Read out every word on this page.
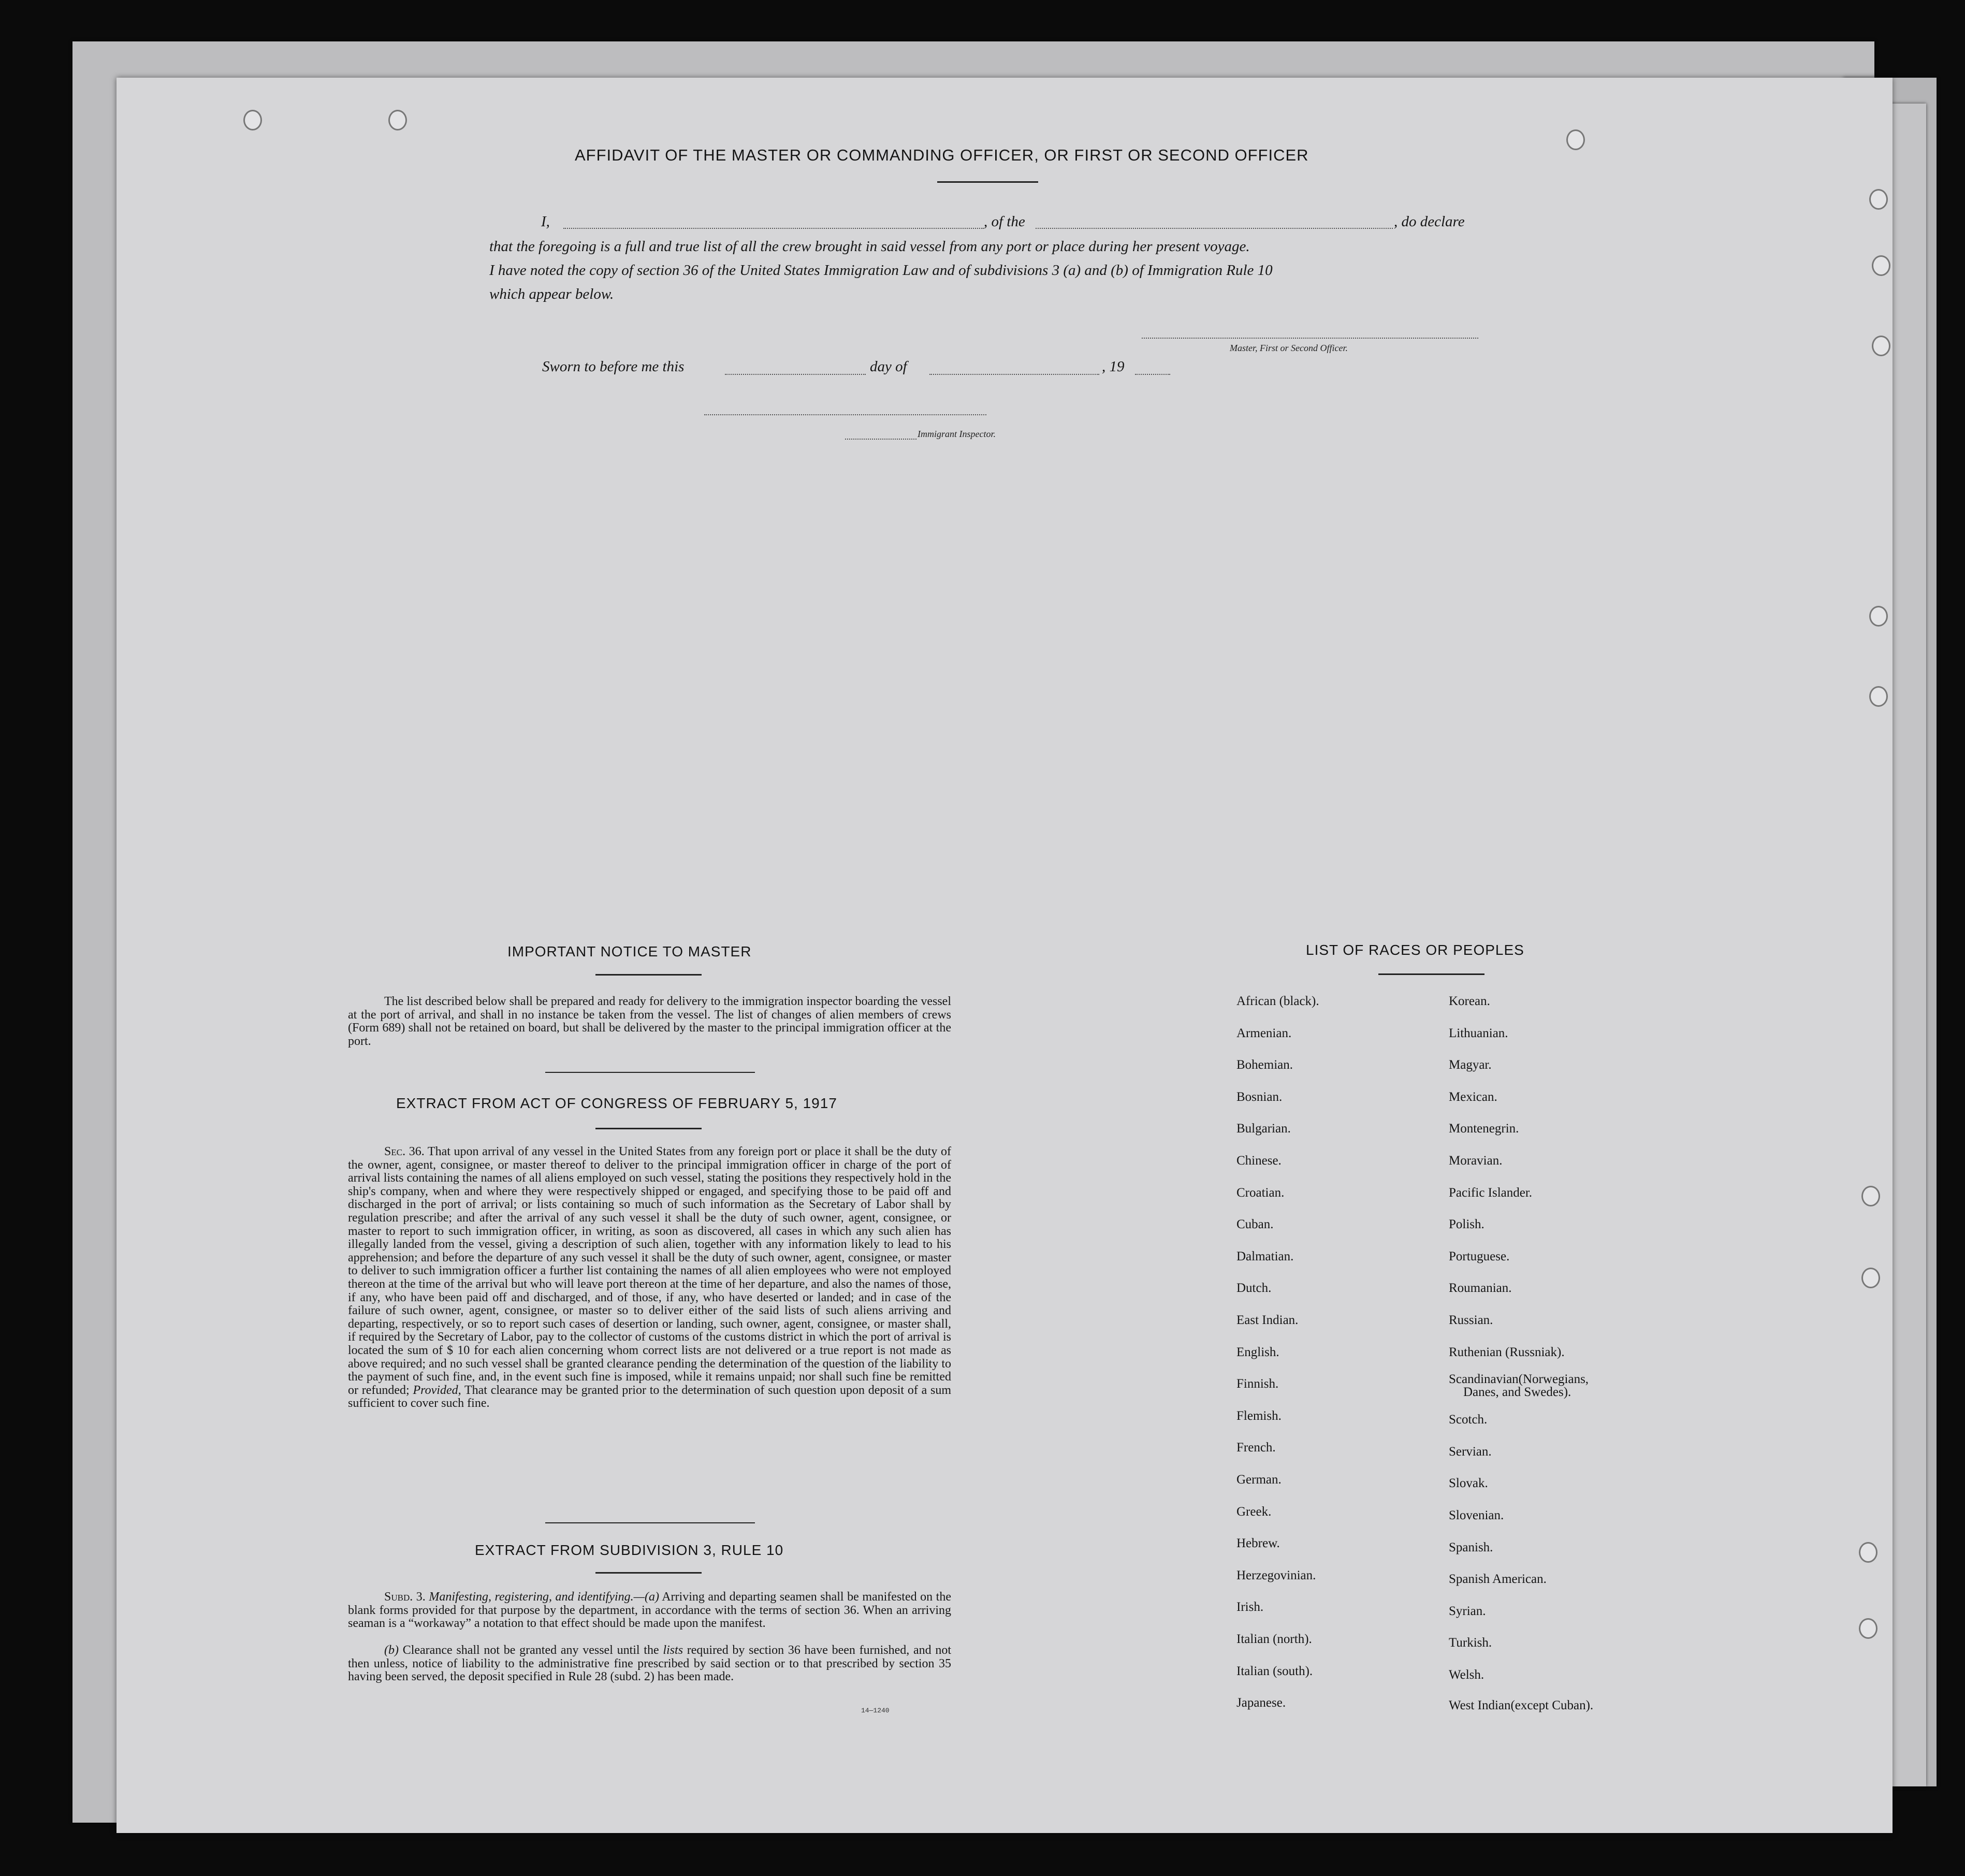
AFFIDAVIT OF THE MASTER OR COMMANDING OFFICER, OR FIRST OR SECOND OFFICER
I,	, of the	, do declare
that the foregoing is a full and true list of all the crew brought in said vessel from any port or place during her present voyage.
I have noted the copy of section 36 of the United States Immigration Law and of subdivisions 3 (a) and (b) of Immigration Rule 10
which appear below.
Master, First or Second Officer.
Sworn to before me this	day of	, 19
Immigrant Inspector.
IMPORTANT NOTICE TO MASTER
The list described below shall be prepared and ready for delivery to the immigration inspector boarding the vessel at the port of arrival, and shall in no instance be taken from the vessel. The list of changes of alien members of crews (Form 689) shall not be retained on board, but shall be delivered by the master to the principal immigration officer at the port.
EXTRACT FROM ACT OF CONGRESS OF FEBRUARY 5, 1917
Sec. 36. That upon arrival of any vessel in the United States from any foreign port or place it shall be the duty of the owner, agent, consignee, or master thereof to deliver to the principal immigration officer in charge of the port of arrival lists containing the names of all aliens employed on such vessel, stating the positions they respectively hold in the ship's company, when and where they were respectively shipped or engaged, and specifying those to be paid off and discharged in the port of arrival; or lists containing so much of such information as the Secretary of Labor shall by regulation prescribe; and after the arrival of any such vessel it shall be the duty of such owner, agent, consignee, or master to report to such immigration officer, in writing, as soon as discovered, all cases in which any such alien has illegally landed from the vessel, giving a description of such alien, together with any information likely to lead to his apprehension; and before the departure of any such vessel it shall be the duty of such owner, agent, consignee, or master to deliver to such immigration officer a further list containing the names of all alien employees who were not employed thereon at the time of the arrival but who will leave port thereon at the time of her departure, and also the names of those, if any, who have been paid off and discharged, and of those, if any, who have deserted or landed; and in case of the failure of such owner, agent, consignee, or master so to deliver either of the said lists of such aliens arriving and departing, respectively, or so to report such cases of desertion or landing, such owner, agent, consignee, or master shall, if required by the Secretary of Labor, pay to the collector of customs of the customs district in which the port of arrival is located the sum of $ 10 for each alien concerning whom correct lists are not delivered or a true report is not made as above required; and no such vessel shall be granted clearance pending the determination of the question of the liability to the payment of such fine, and, in the event such fine is imposed, while it remains unpaid; nor shall such fine be remitted or refunded; Provided, That clearance may be granted prior to the determination of such question upon deposit of a sum sufficient to cover such fine.
EXTRACT FROM SUBDIVISION 3, RULE 10
Subd. 3. Manifesting, registering, and identifying.—(a) Arriving and departing seamen shall be manifested on the blank forms provided for that purpose by the department, in accordance with the terms of section 36. When an arriving seaman is a “workaway” a notation to that effect should be made upon the manifest.
(b) Clearance shall not be granted any vessel until the lists required by section 36 have been furnished, and not then unless, notice of liability to the administrative fine prescribed by said section or to that prescribed by section 35 having been served, the deposit specified in Rule 28 (subd. 2) has been made.
14—1240
LIST OF RACES OR PEOPLES
African (black).
Armenian.
Bohemian.
Bosnian.
Bulgarian.
Chinese.
Croatian.
Cuban.
Dalmatian.
Dutch.
East Indian.
English.
Finnish.
Flemish.
French.
German.
Greek.
Hebrew.
Herzegovinian.
Irish.
Italian (north).
Italian (south).
Japanese.
Korean.
Lithuanian.
Magyar.
Mexican.
Montenegrin.
Moravian.
Pacific Islander.
Polish.
Portuguese.
Roumanian.
Russian.
Ruthenian (Russniak).
Scandinavian(Norwegians,
Danes, and Swedes).
Scotch.
Servian.
Slovak.
Slovenian.
Spanish.
Spanish American.
Syrian.
Turkish.
Welsh.
West Indian(except Cuban).
